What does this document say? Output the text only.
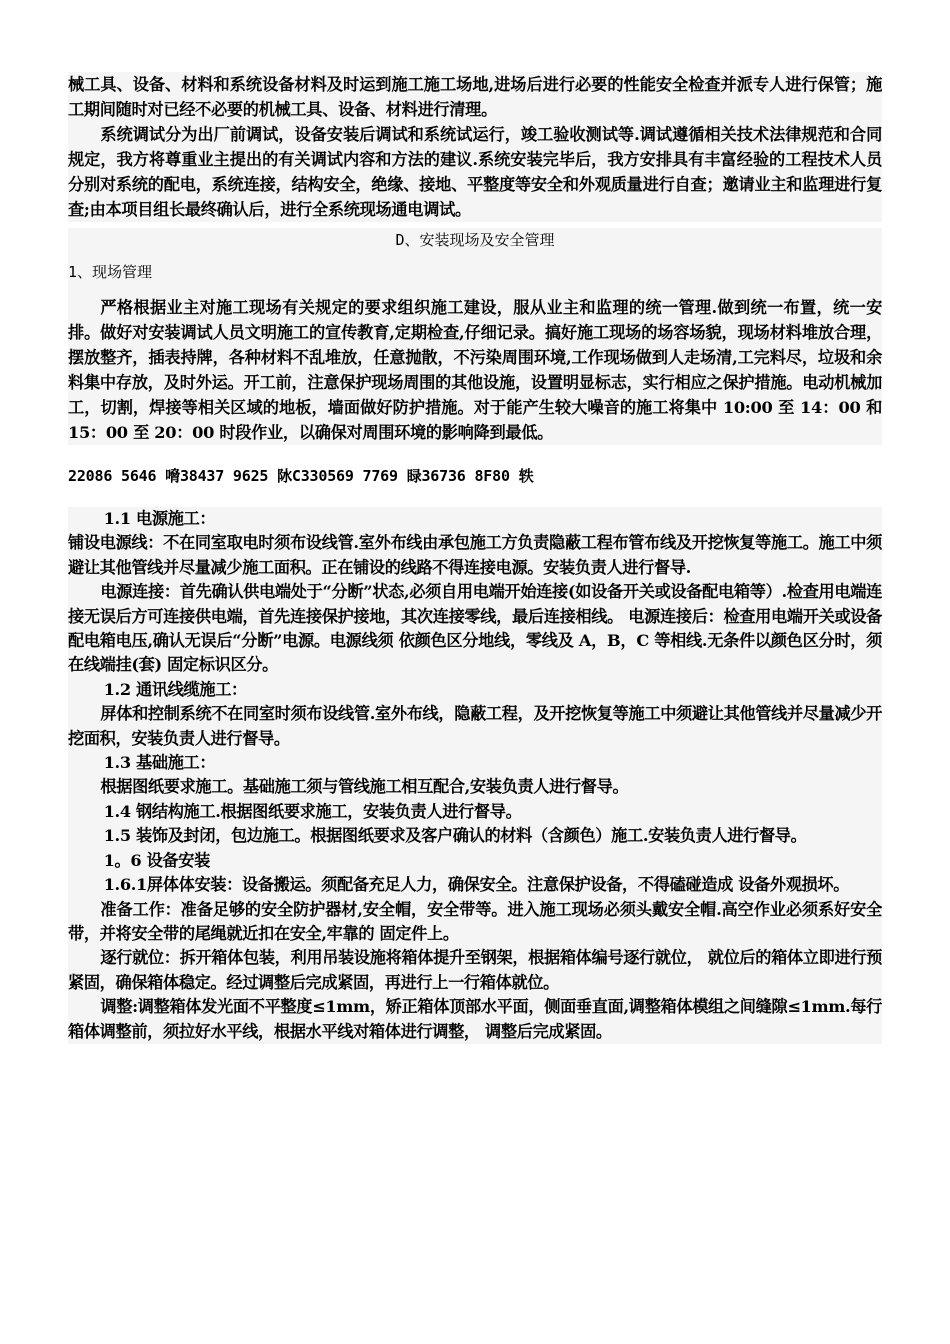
械工具、设备、材料和系统设备材料及时运到施工施工场地,进场后进行必要的性能安全检查并派专人进行保管；施工期间随时对已经不必要的机械工具、设备、材料进行清理。

系统调试分为出厂前调试，设备安装后调试和系统试运行，竣工验收测试等.调试遵循相关技术法律规范和合同规定，我方将尊重业主提出的有关调试内容和方法的建议.系统安装完毕后，我方安排具有丰富经验的工程技术人员分别对系统的配电，系统连接，结构安全，绝缘、接地、平整度等安全和外观质量进行自查；邀请业主和监理进行复查;由本项目组长最终确认后，进行全系统现场通电调试。

D、安装现场及安全管理

1、现场管理

严格根据业主对施工现场有关规定的要求组织施工建设，服从业主和监理的统一管理.做到统一布置，统一安排。做好对安装调试人员文明施工的宣传教育,定期检查,仔细记录。搞好施工现场的场容场貌，现场材料堆放合理，摆放整齐，插表持牌，各种材料不乱堆放，任意抛散，不污染周围环境,工作现场做到人走场清,工完料尽，垃圾和余料集中存放，及时外运。开工前，注意保护现场周围的其他设施，设置明显标志，实行相应之保护措施。电动机械加工，切割，焊接等相关区域的地板，墙面做好防护措施。对于能产生较大噪音的施工将集中 10:00 至 14：00 和 15：00 至 20：00 时段作业，以确保对周围环境的影响降到最低。

22086 5646 嗋38437 9625 阥C330569 7769 睩36736 8F80 轶

1.1 电源施工：

铺设电源线：不在同室取电时须布设线管.室外布线由承包施工方负责隐蔽工程布管布线及开挖恢复等施工。施工中须避让其他管线并尽量减少施工面积。正在铺设的线路不得连接电源。安装负责人进行督导.

电源连接：首先确认供电端处于“分断”状态,必须自用电端开始连接(如设备开关或设备配电箱等）.检查用电端连接无误后方可连接供电端，首先连接保护接地，其次连接零线，最后连接相线。 电源连接后：检查用电端开关或设备配电箱电压,确认无误后“分断”电源。电源线须 依颜色区分地线，零线及 A，B，C 等相线.无条件以颜色区分时，须在线端挂(套) 固定标识区分。

1.2 通讯线缆施工：

屏体和控制系统不在同室时须布设线管.室外布线，隐蔽工程，及开挖恢复等施工中须避让其他管线并尽量减少开挖面积，安装负责人进行督导。

1.3 基础施工：

根据图纸要求施工。基础施工须与管线施工相互配合,安装负责人进行督导。

1.4 钢结构施工.根据图纸要求施工，安装负责人进行督导。

1.5 装饰及封闭，包边施工。根据图纸要求及客户确认的材料（含颜色）施工.安装负责人进行督导。

1。6 设备安装

1.6.1屏体体安装：设备搬运。须配备充足人力，确保安全。注意保护设备，不得磕碰造成 设备外观损坏。

准备工作：准备足够的安全防护器材,安全帽，安全带等。进入施工现场必须头戴安全帽.高空作业必须系好安全带，并将安全带的尾绳就近扣在安全,牢靠的 固定件上。

逐行就位：拆开箱体包装，利用吊装设施将箱体提升至钢架，根据箱体编号逐行就位， 就位后的箱体立即进行预紧固，确保箱体稳定。经过调整后完成紧固，再进行上一行箱体就位。

调整:调整箱体发光面不平整度≤1mm，矫正箱体顶部水平面，侧面垂直面,调整箱体模组之间缝隙≤1mm.每行箱体调整前，须拉好水平线，根据水平线对箱体进行调整， 调整后完成紧固。
